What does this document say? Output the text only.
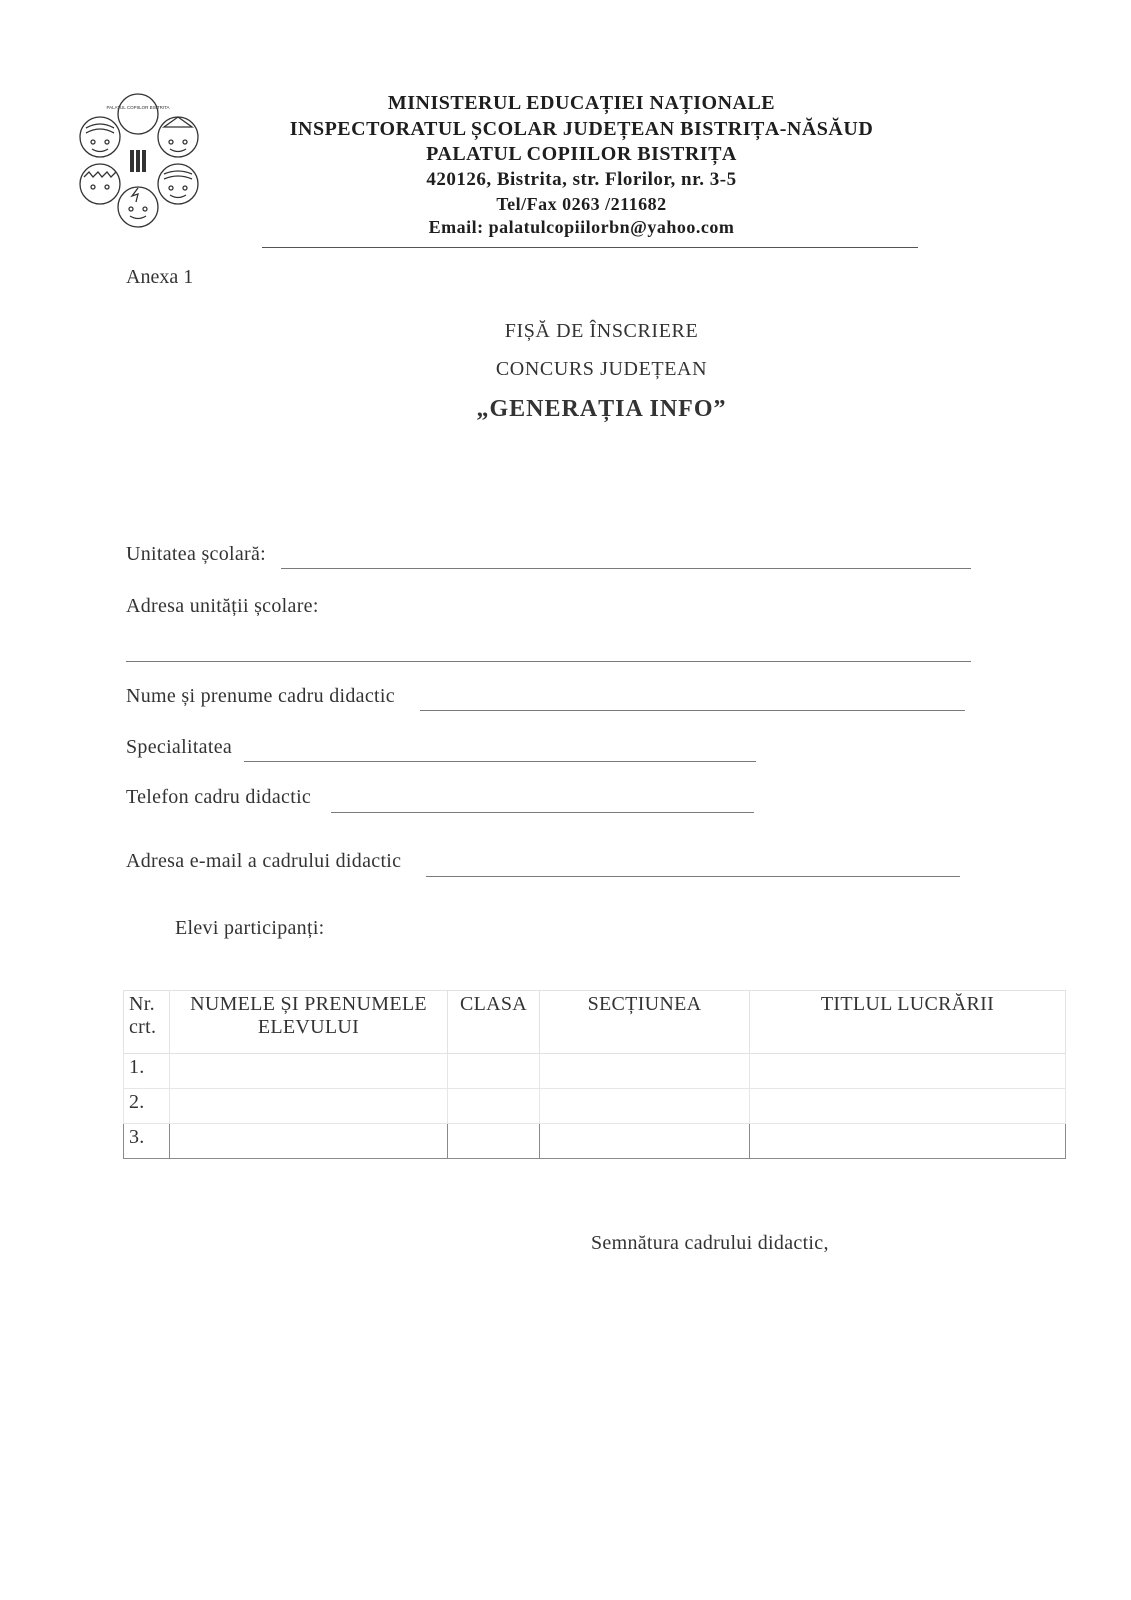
PALATUL COPIILOR BISTRITA	MINISTERUL EDUCAȚIEI NAȚIONALE
INSPECTORATUL ȘCOLAR JUDEȚEAN BISTRIȚA-NĂSĂUD
PALATUL COPIILOR BISTRIȚA
420126, Bistrita, str. Florilor, nr. 3-5
Tel/Fax 0263 /211682
Email: palatulcopiilorbn@yahoo.com
Anexa 1
FIȘĂ DE ÎNSCRIERE
CONCURS JUDEȚEAN
„GENERAȚIA INFO”
Unitatea școlară:
Adresa unității școlare:
Nume și prenume cadru didactic
Specialitatea
Telefon cadru didactic
Adresa e-mail a cadrului didactic
Elevi participanți:
Nr. crt.	NUMELE ȘI PRENUMELE ELEVULUI	CLASA	SECȚIUNEA	TITLUL LUCRĂRII
1.				
2.				
3.				
Semnătura cadrului didactic,
